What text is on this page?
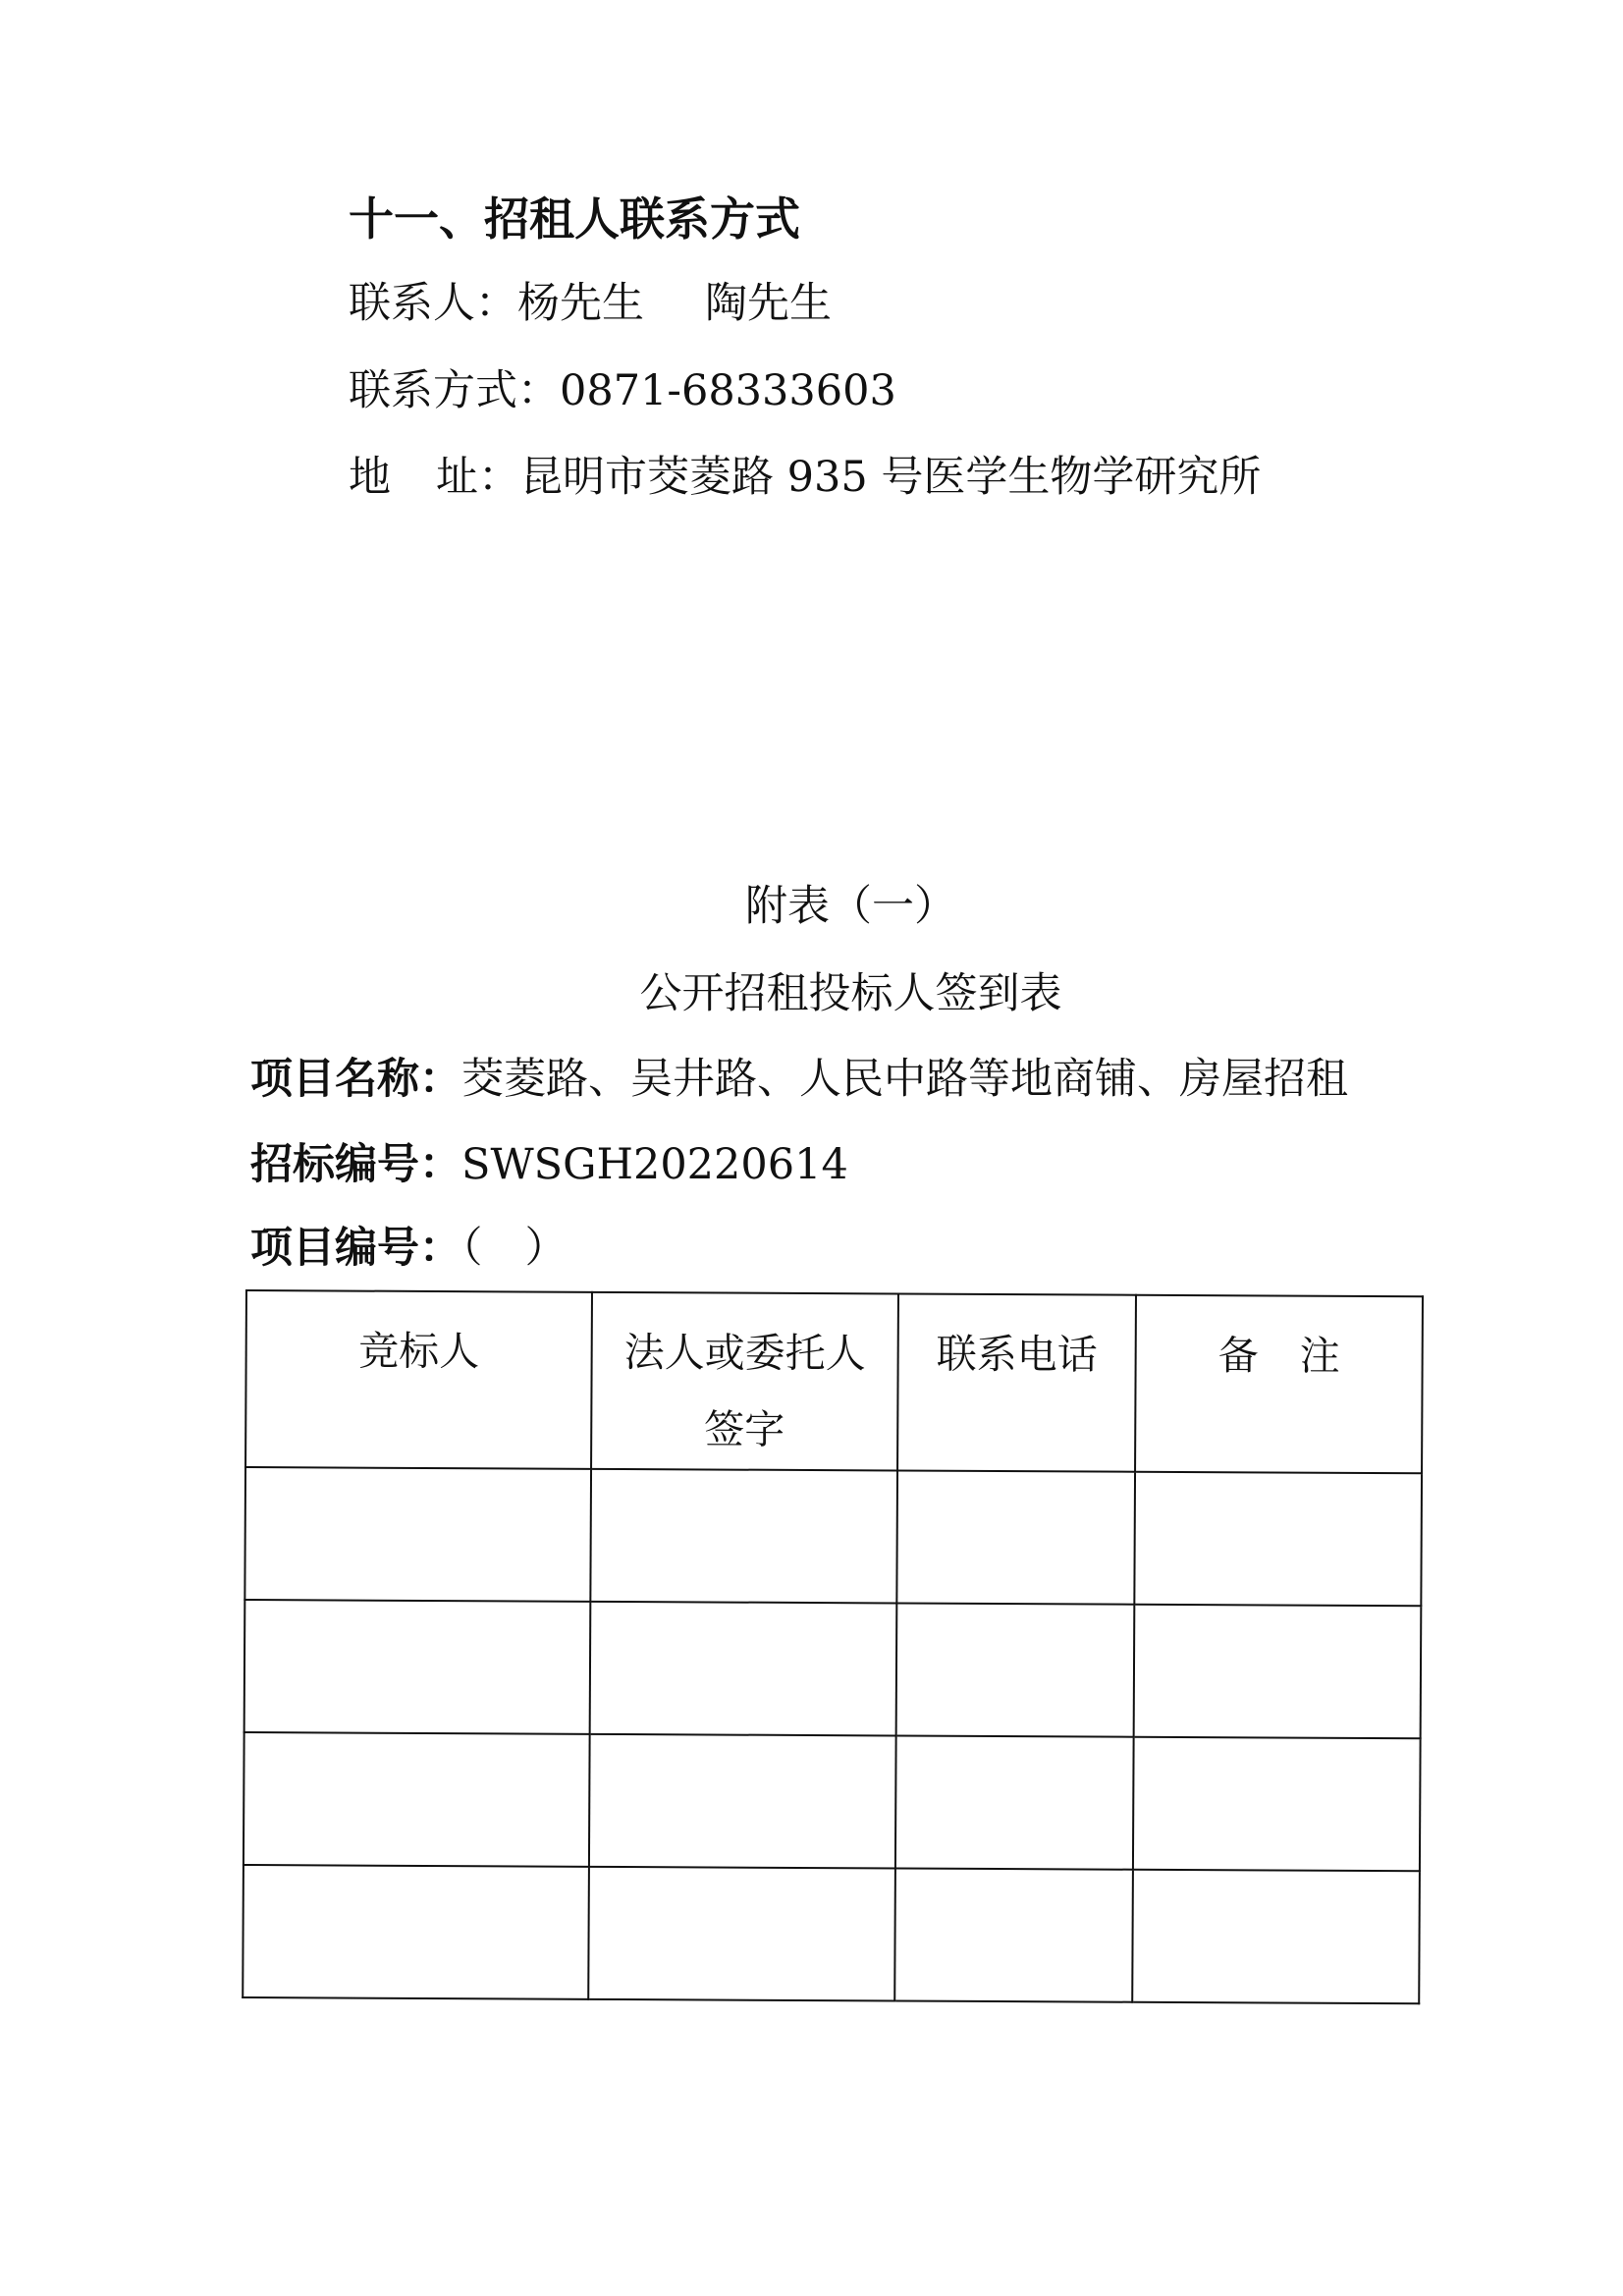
十一、招租人联系方式
联系人：杨先生 陶先生
联系方式：0871-68333603
地 址：昆明市茭菱路 935 号医学生物学研究所
附表（一）
公开招租投标人签到表
项目名称：茭菱路、吴井路、人民中路等地商铺、房屋招租
招标编号：SWSGH20220614
项目编号：（　）
竞标人	法人或委托人签字	联系电话	备 注
